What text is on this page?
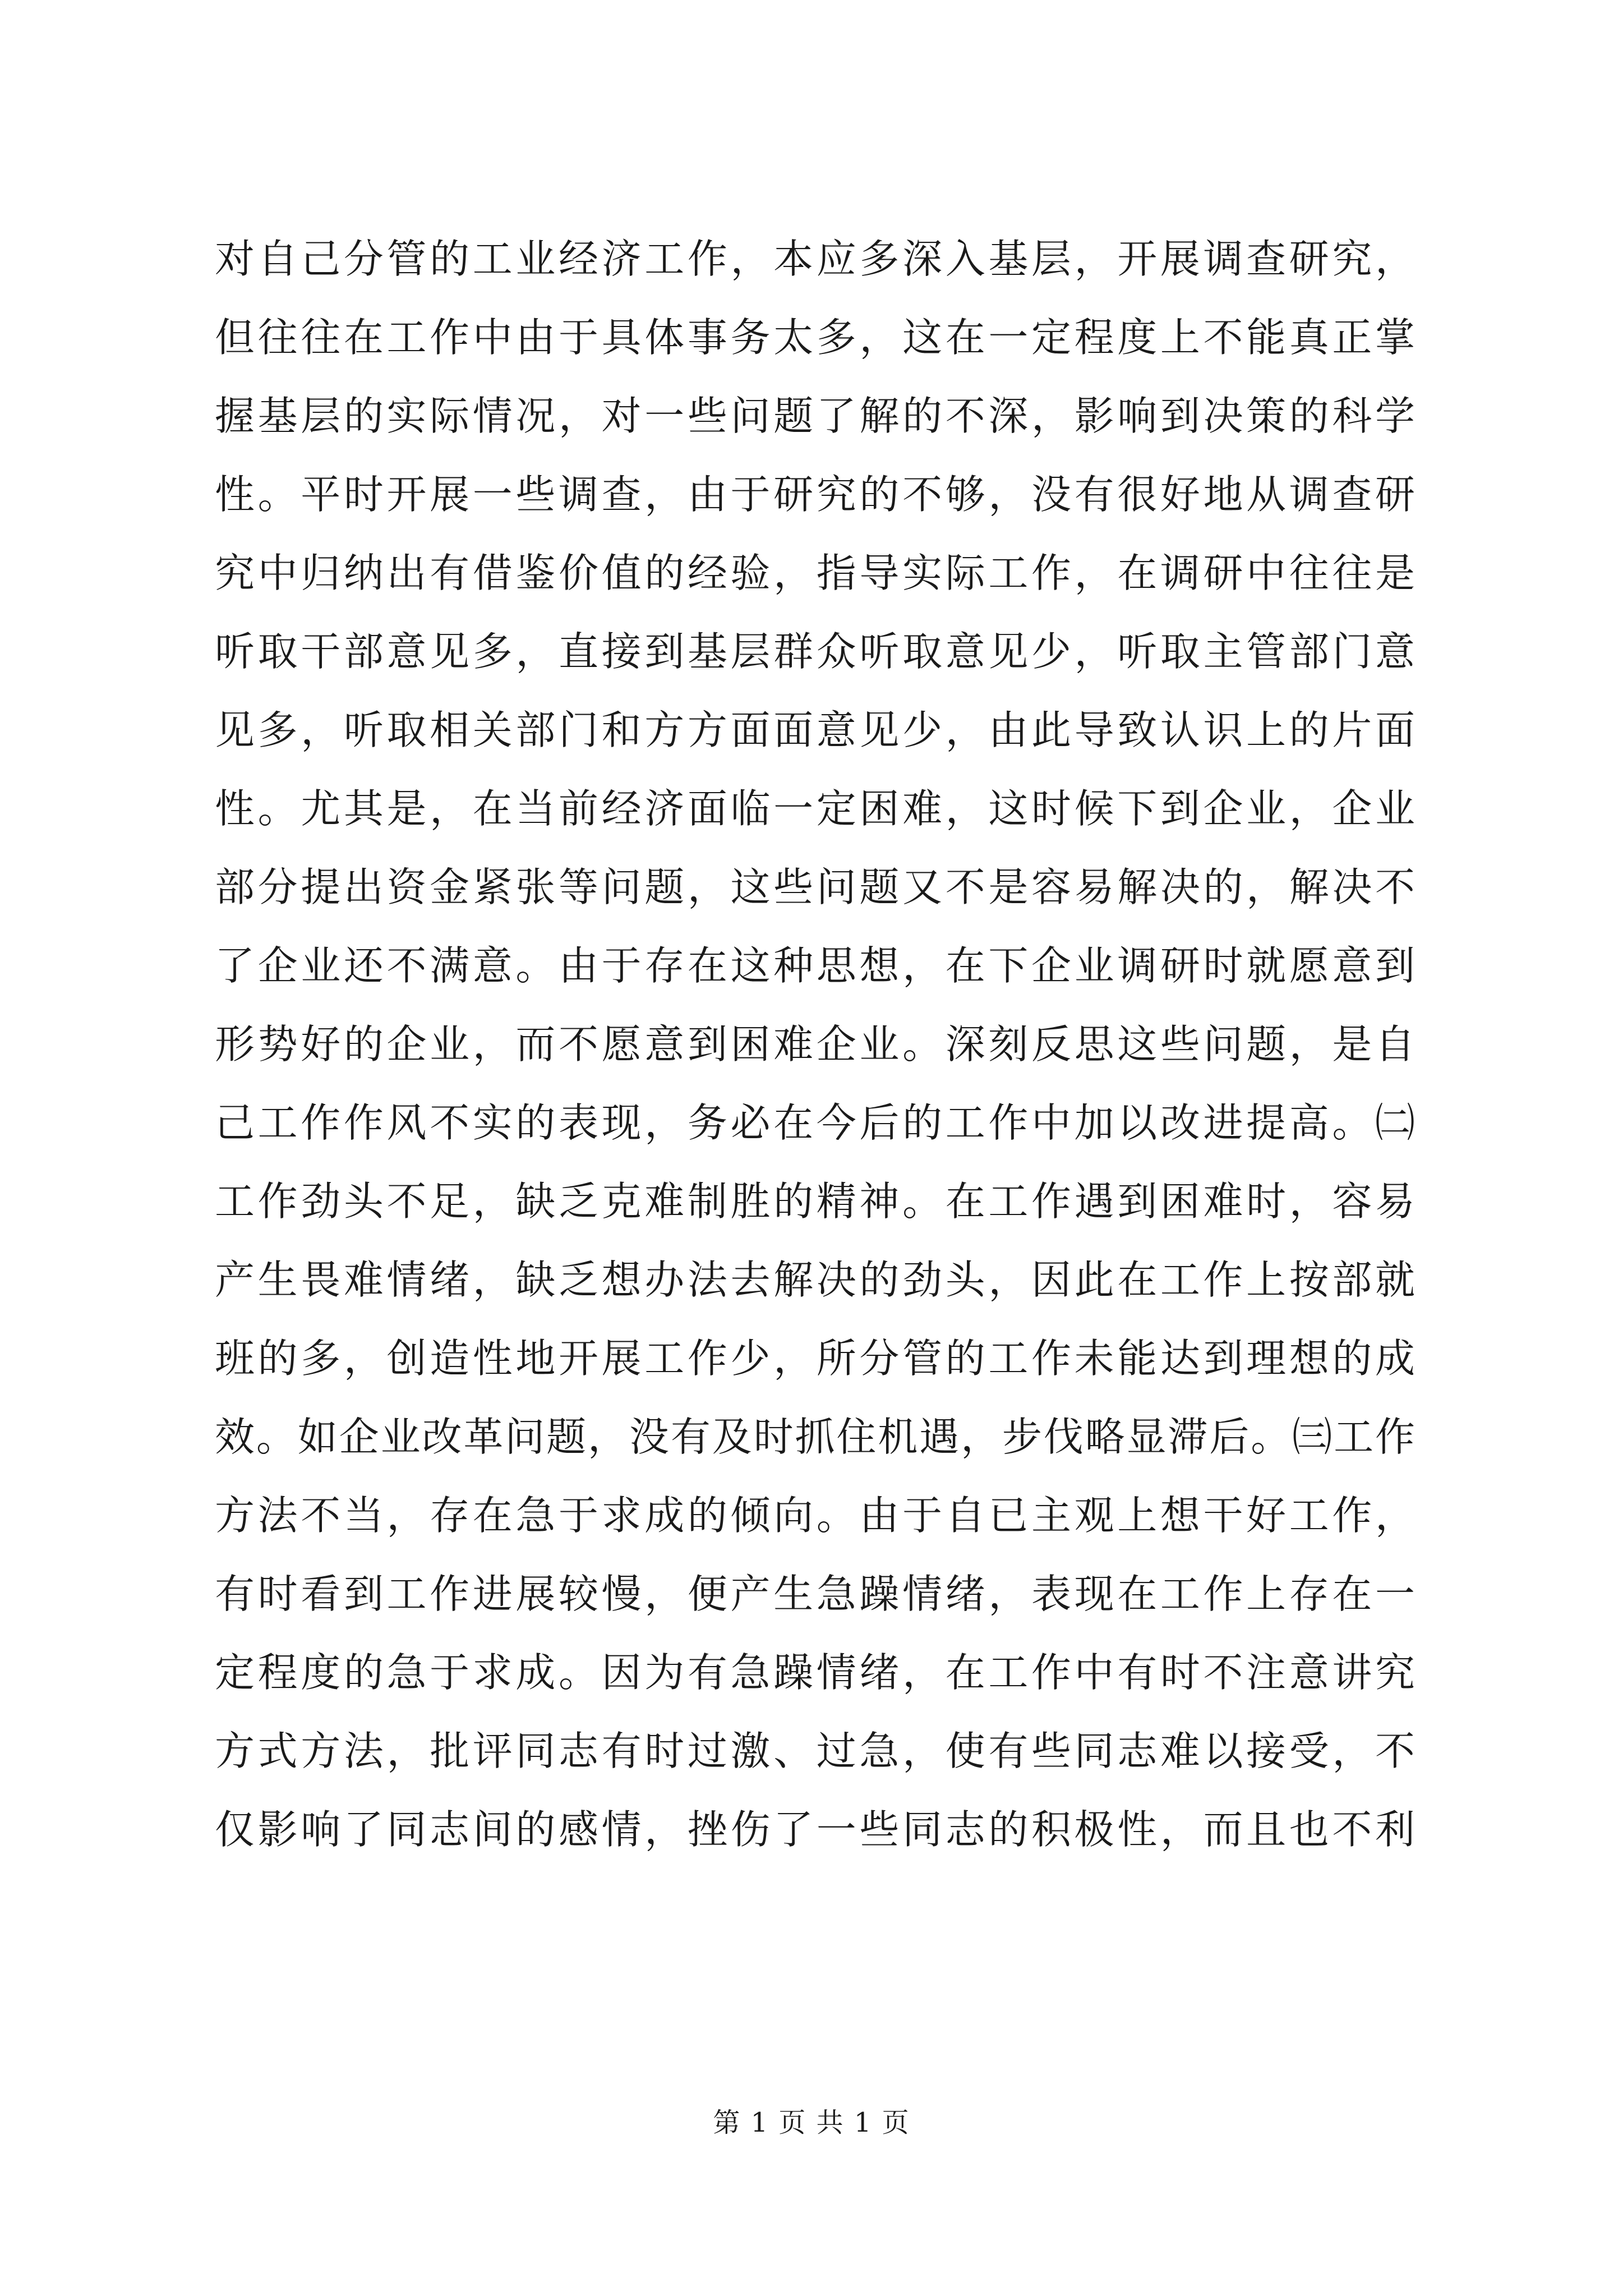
对自己分管的工业经济工作，本应多深入基层，开展调查研究，
但往往在工作中由于具体事务太多，这在一定程度上不能真正掌
握基层的实际情况，对一些问题了解的不深，影响到决策的科学
性。平时开展一些调查，由于研究的不够，没有很好地从调查研
究中归纳出有借鉴价值的经验，指导实际工作，在调研中往往是
听取干部意见多，直接到基层群众听取意见少，听取主管部门意
见多，听取相关部门和方方面面意见少，由此导致认识上的片面
性。尤其是，在当前经济面临一定困难，这时候下到企业，企业
部分提出资金紧张等问题，这些问题又不是容易解决的，解决不
了企业还不满意。由于存在这种思想，在下企业调研时就愿意到
形势好的企业，而不愿意到困难企业。深刻反思这些问题，是自
己工作作风不实的表现，务必在今后的工作中加以改进提高。㈡
工作劲头不足，缺乏克难制胜的精神。在工作遇到困难时，容易
产生畏难情绪，缺乏想办法去解决的劲头，因此在工作上按部就
班的多，创造性地开展工作少，所分管的工作未能达到理想的成
效。如企业改革问题，没有及时抓住机遇，步伐略显滞后。㈢工作
方法不当，存在急于求成的倾向。由于自已主观上想干好工作，
有时看到工作进展较慢，便产生急躁情绪，表现在工作上存在一
定程度的急于求成。因为有急躁情绪，在工作中有时不注意讲究
方式方法，批评同志有时过激、过急，使有些同志难以接受，不
仅影响了同志间的感情，挫伤了一些同志的积极性，而且也不利
第 1 页 共 1 页
